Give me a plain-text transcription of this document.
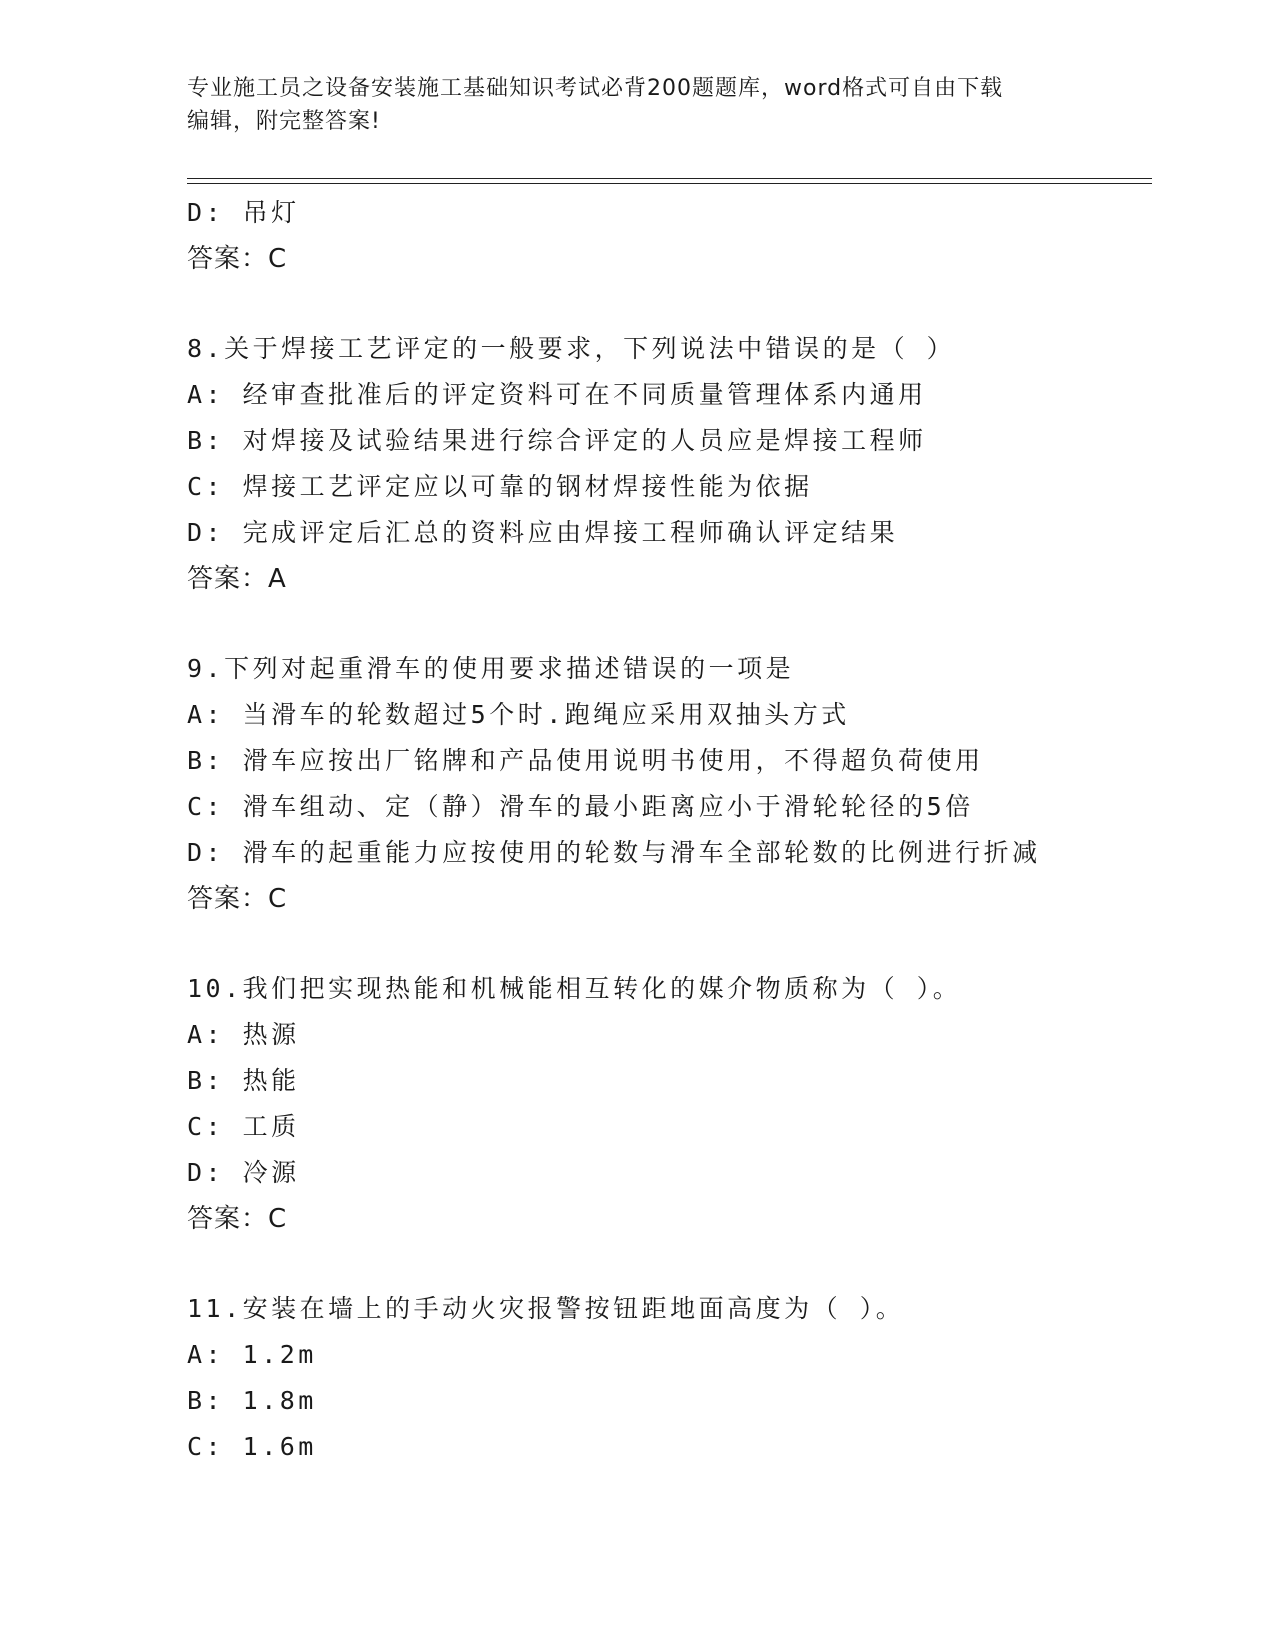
专业施工员之设备安装施工基础知识考试必背200题题库，word格式可自由下载
编辑，附完整答案!
D: 吊灯
答案：C
8.关于焊接工艺评定的一般要求，下列说法中错误的是（ ）
A: 经审查批准后的评定资料可在不同质量管理体系内通用
B: 对焊接及试验结果进行综合评定的人员应是焊接工程师
C: 焊接工艺评定应以可靠的钢材焊接性能为依据
D: 完成评定后汇总的资料应由焊接工程师确认评定结果
答案：A
9.下列对起重滑车的使用要求描述错误的一项是
A: 当滑车的轮数超过5个时.跑绳应采用双抽头方式
B: 滑车应按出厂铭牌和产品使用说明书使用，不得超负荷使用
C: 滑车组动、定（静）滑车的最小距离应小于滑轮轮径的5倍
D: 滑车的起重能力应按使用的轮数与滑车全部轮数的比例进行折减
答案：C
10.我们把实现热能和机械能相互转化的媒介物质称为（ ）。
A: 热源
B: 热能
C: 工质
D: 冷源
答案：C
11.安装在墙上的手动火灾报警按钮距地面高度为（ ）。
A: 1.2m
B: 1.8m
C: 1.6m
